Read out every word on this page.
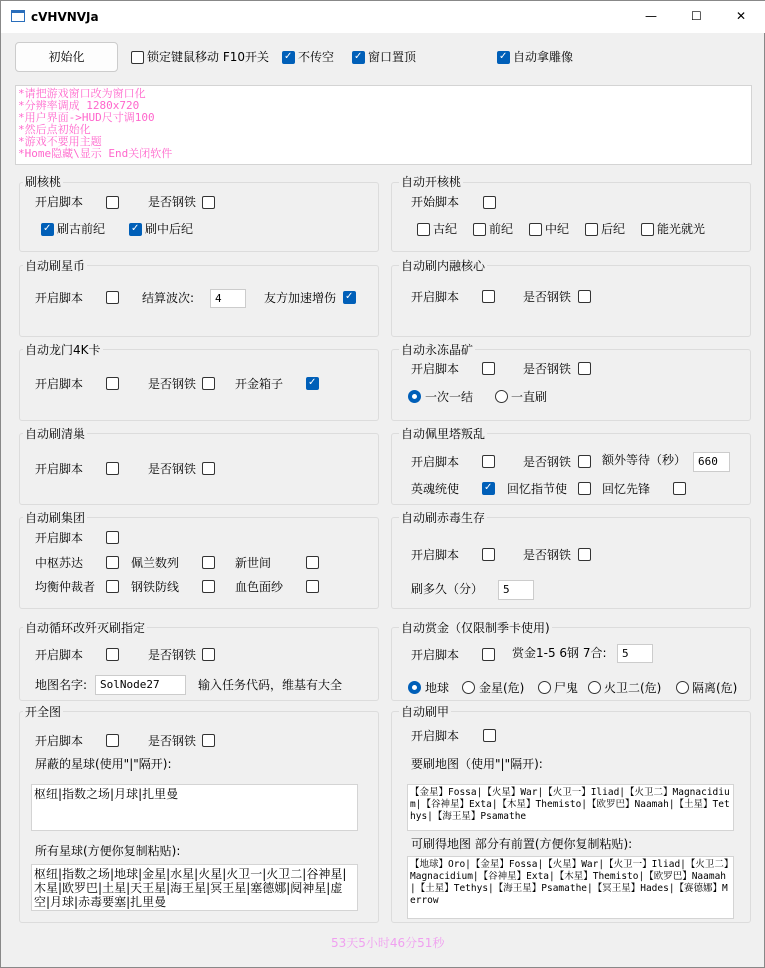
cVHVNVJa	—	☐	✕
初始化	锁定键鼠移动 F10开关 ✓ 不传空 ✓	窗口置顶 ✓	自动拿雕像
*请把游戏窗口改为窗口化
*分辨率调成 1280x720
*用户界面->HUD尺寸调100
*然后点初始化
*游戏不要用主题
*Home隐藏\显示 End关闭软件
刷核桃
开启脚本	是否钢铁
✓
刷古前纪 ✓	刷中后纪
自动开核桃
开始脚本
古纪	前纪	中纪	后纪	能光就光
自动刷星币
开启脚本	结算波次:	4	友方加速增伤
✓
自动刷内融核心
开启脚本	是否钢铁
自动龙门4K卡
开启脚本	是否钢铁	开金箱子
✓
自动永冻晶矿
开启脚本	是否钢铁
一次一结	一直刷
自动刷清巢
开启脚本	是否钢铁
自动佩里塔叛乱
开启脚本	是否钢铁	额外等待（秒）	660
英魂统使 ✓	回忆指节使	回忆先锋
自动刷集团
开启脚本
中枢苏达	佩兰数列	新世间
均衡仲裁者	钢铁防线	血色面纱
自动刷赤毒生存
开启脚本	是否钢铁
刷多久（分）	5
自动循环改歼灭刷指定
开启脚本	是否钢铁
地图名字:	SolNode27	输入任务代码，维基有大全
自动赏金（仅限制季卡使用)
开启脚本	赏金1-5 6钢 7合:	5
地球 金星(危) 尸鬼 火卫二(危)	隔离(危)
开全图
开启脚本	是否钢铁
屏蔽的星球(使用"|"隔开):
枢纽|指数之场|月球|扎里曼
所有星球(方便你复制粘贴):
枢纽|指数之场|地球|金星|水星|火星|火卫一|火卫二|谷神星|木星|欧罗巴|土星|天王星|海王星|冥王星|塞德娜|阋神星|虚空|月球|赤毒要塞|扎里曼
自动刷甲
开启脚本
要刷地图（使用"|"隔开):
【金星】Fossa|【火星】War|【火卫一】Iliad|【火卫二】Magnacidium|【谷神星】Exta|【木星】Themisto|【欧罗巴】Naamah|【土星】Tethys|【海王星】Psamathe
可刷得地图 部分有前置(方便你复制粘贴):
【地球】Oro|【金星】Fossa|【火星】War|【火卫一】Iliad|【火卫二】Magnacidium|【谷神星】Exta|【木星】Themisto|【欧罗巴】Naamah|【土星】Tethys|【海王星】Psamathe|【冥王星】Hades|【赛德娜】Merrow
53天5小时46分51秒
